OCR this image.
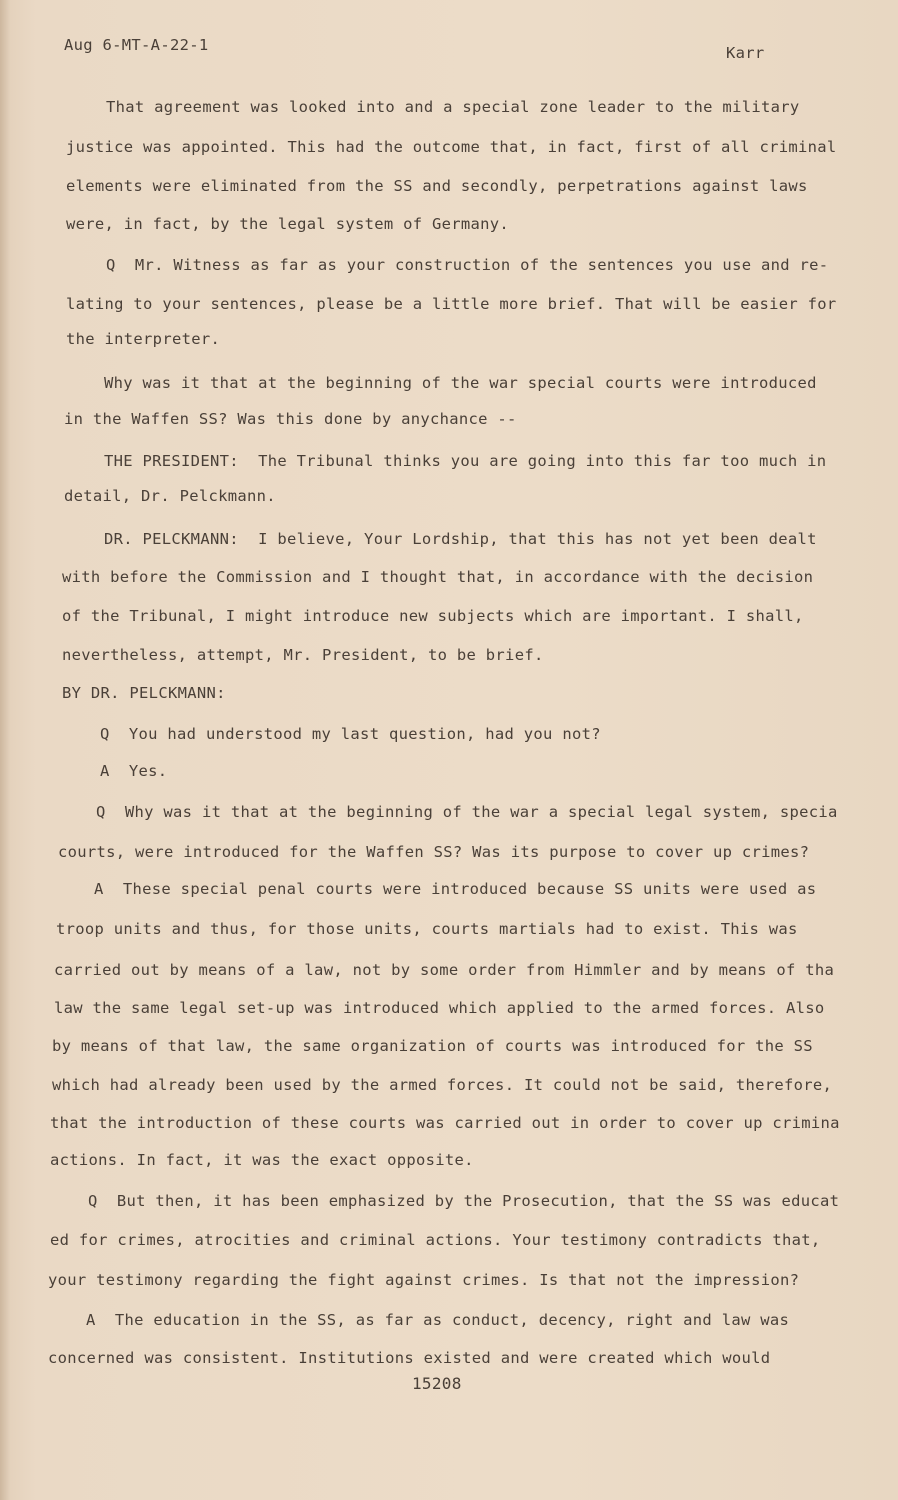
Aug 6-MT-A-22-1	Karr
That agreement was looked into and a special zone leader to the military
justice was appointed. This had the outcome that, in fact, first of all criminal
elements were eliminated from the SS and secondly, perpetrations against laws
were, in fact, by the legal system of Germany.
Q  Mr. Witness as far as your construction of the sentences you use and re-
lating to your sentences, please be a little more brief. That will be easier for
the interpreter.
Why was it that at the beginning of the war special courts were introduced
in the Waffen SS? Was this done by anychance --
THE PRESIDENT:  The Tribunal thinks you are going into this far too much in
detail, Dr. Pelckmann.
DR. PELCKMANN:  I believe, Your Lordship, that this has not yet been dealt
with before the Commission and I thought that, in accordance with the decision
of the Tribunal, I might introduce new subjects which are important. I shall,
nevertheless, attempt, Mr. President, to be brief.
BY DR. PELCKMANN:
Q  You had understood my last question, had you not?
A  Yes.
Q  Why was it that at the beginning of the war a special legal system, specia
courts, were introduced for the Waffen SS? Was its purpose to cover up crimes?
A  These special penal courts were introduced because SS units were used as
troop units and thus, for those units, courts martials had to exist. This was
carried out by means of a law, not by some order from Himmler and by means of tha
law the same legal set-up was introduced which applied to the armed forces. Also
by means of that law, the same organization of courts was introduced for the SS
which had already been used by the armed forces. It could not be said, therefore,
that the introduction of these courts was carried out in order to cover up crimina
actions. In fact, it was the exact opposite.
Q  But then, it has been emphasized by the Prosecution, that the SS was educat
ed for crimes, atrocities and criminal actions. Your testimony contradicts that,
your testimony regarding the fight against crimes. Is that not the impression?
A  The education in the SS, as far as conduct, decency, right and law was
concerned was consistent. Institutions existed and were created which would
15208
